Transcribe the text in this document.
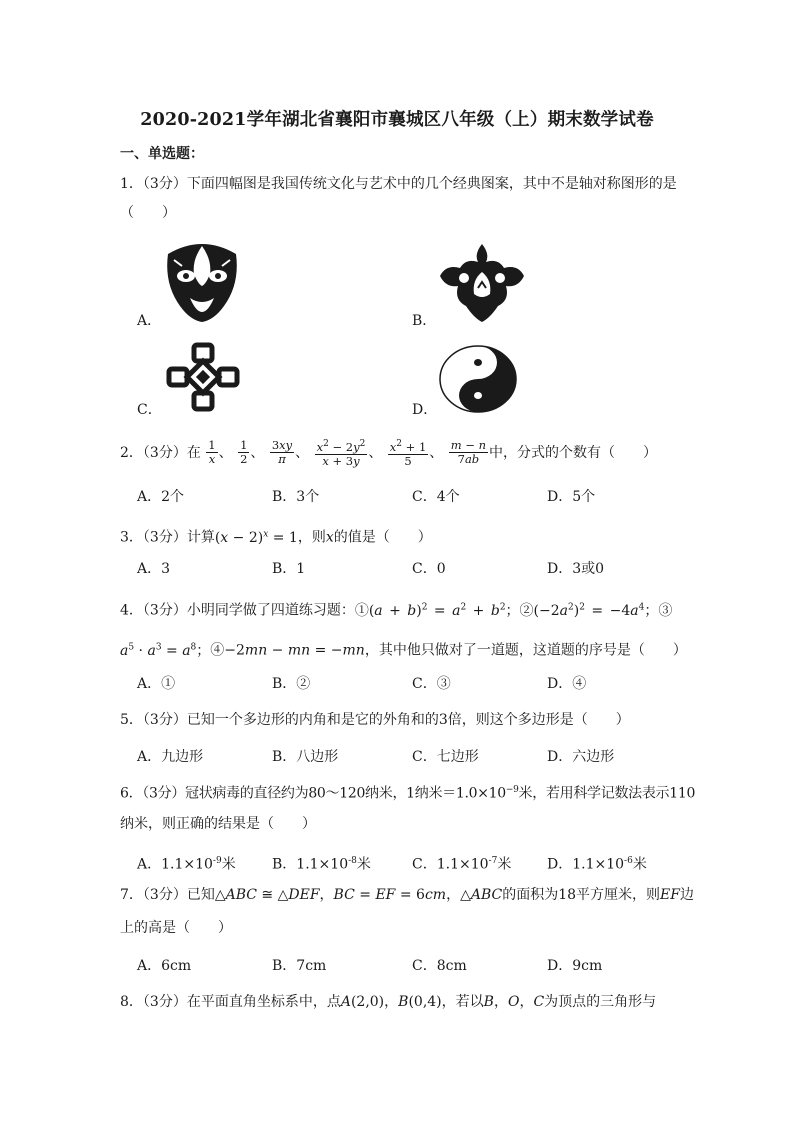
2020-2021学年湖北省襄阳市襄城区八年级（上）期末数学试卷
一、单选题：
1．（3分）下面四幅图是我国传统文化与艺术中的几个经典图案，其中不是轴对称图形的是
（　　）
A．	B．
C．	D．
2．（3分）在 $\frac{1}{x}$ 、 $\frac{1}{2}$ 、 $\frac{3xy}{\pi}$ 、 $\frac{x^2 - 2y^2}{x + 3y}$ 、 $\frac{x^2 + 1}{5}$ 、 $\frac{m - n}{7ab}$ 中，分式的个数有（　　）
A．2个	B．3个	C．4个	D．5个
3．（3分）计算$(x - 2)^x = 1$，则x的值是（　　）
A．3	B．1	C．0	D．3或0
4．（3分）小明同学做了四道练习题：①(a + $b)^2 = a^2 + b^2$；$②(-2a^2)^2 = -4a^4$；③
$a^5 \cdot a^3 = a^8$；④−2mn − mn = −mn，其中他只做对了一道题，这道题的序号是（　　）
A．①	B．②	C．③	D．④
5．（3分）已知一个多边形的内角和是它的外角和的3倍，则这个多边形是（　　）
A．九边形	B．八边形	C．七边形	D．六边形
6．（3分）冠状病毒的直径约为80～120纳米，1纳米$=1.0\times 10^{-9}$米，若用科学记数法表示110
纳米，则正确的结果是（　　）
A．$1.1\times 10^{-9}$米	B．$1.1\times 10^{-8}$米	C．$1.1\times 10^{-7}$米	D．$1.1\times 10^{-6}$米
7．（3分）已知△ABC ≅ △DEF，BC = EF = 6cm，△ABC的面积为18平方厘米，则EF边
上的高是（　　）
A．6cm	B．7cm	C．8cm	D．9cm
8．（3分）在平面直角坐标系中，点A(2,0)，B(0,4)，若以B，O，C为顶点的三角形与
